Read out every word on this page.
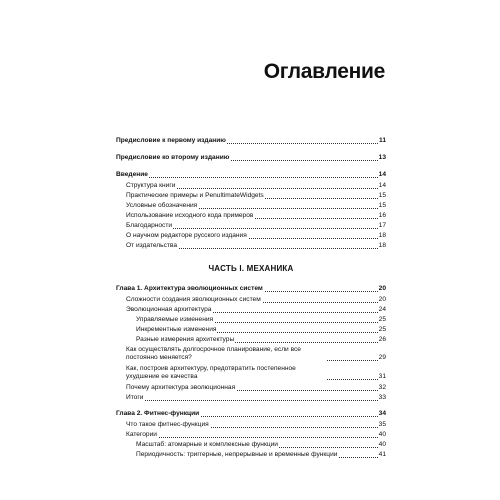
Оглавление
Предисловие к первому изданию	11
Предисловие ко второму изданию	13
Введение	14
Структура книги	14
Практические примеры и PenultimateWidgets	15
Условные обозначения	15
Использование исходного кода примеров	16
Благодарности	17
О научном редакторе русского издания	18
От издательства	18
ЧАСТЬ I. МЕХАНИКА
Глава 1. Архитектура эволюционных систем	20
Сложности создания эволюционных систем	20
Эволюционная архитектура	24
Управляемые изменения	25
Инкрементные изменения	25
Разные измерения архитектуры	26
Как осуществлять долгосрочное планирование, если все постоянно меняется?	29
Как, построив архитектуру, предотвратить постепенное ухудшение ее качества	31
Почему архитектура эволюционная	32
Итоги	33
Глава 2. Фитнес-функции	34
Что такое фитнес-функция	35
Категории	40
Масштаб: атомарные и комплексные функции	40
Периодичность: триггерные, непрерывные и временные функции	41
